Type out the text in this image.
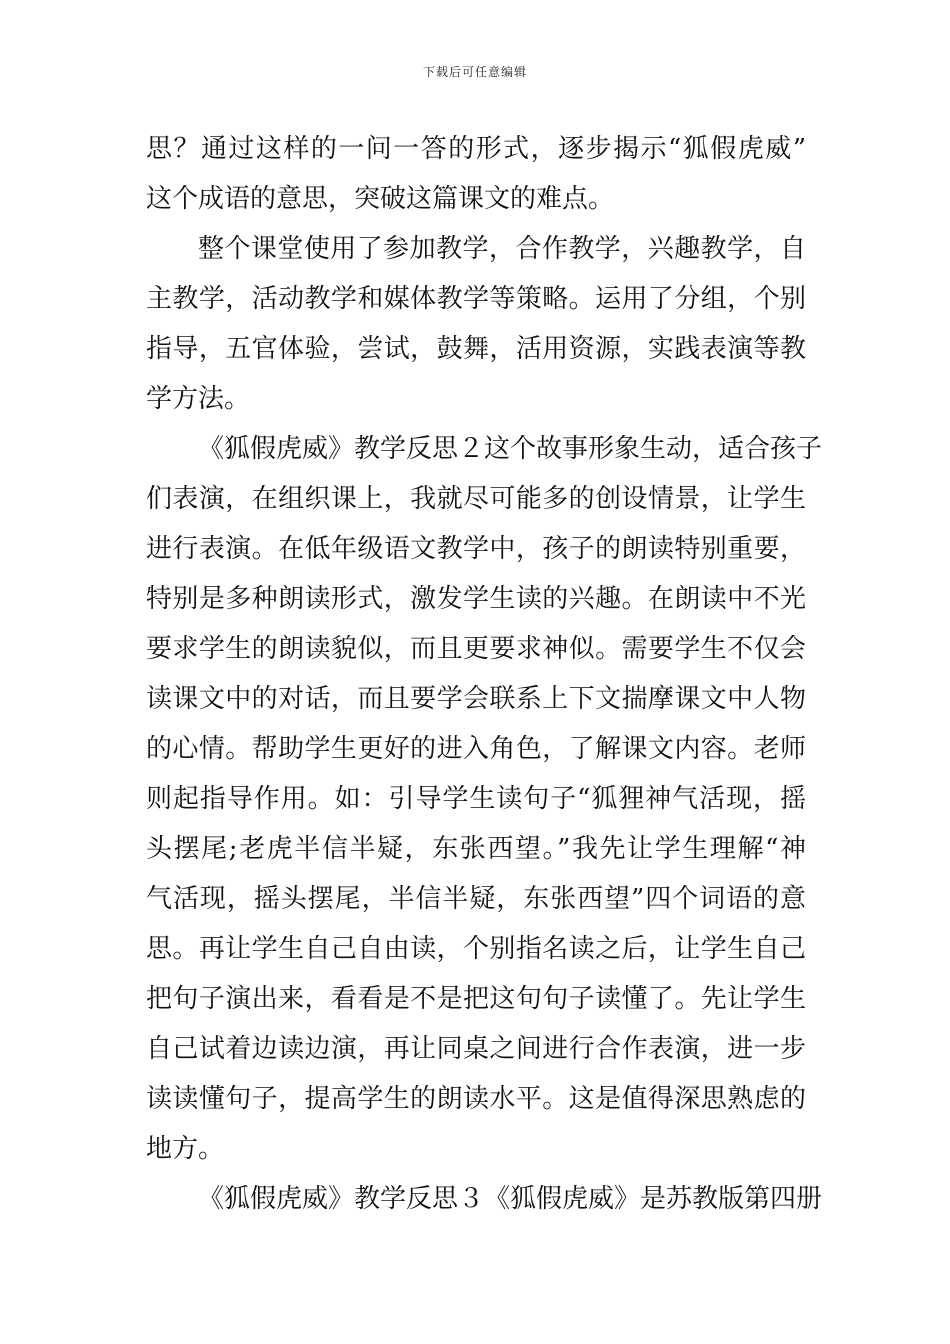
下载后可任意编辑
思？通过这样的一问一答的形式，逐步揭示“狐假虎威”
这个成语的意思，突破这篇课文的难点。
整个课堂使用了参加教学，合作教学，兴趣教学，自
主教学，活动教学和媒体教学等策略。运用了分组，个别
指导，五官体验，尝试，鼓舞，活用资源，实践表演等教
学方法。
《狐假虎威》教学反思２这个故事形象生动，适合孩子
们表演，在组织课上，我就尽可能多的创设情景，让学生
进行表演。在低年级语文教学中，孩子的朗读特别重要，
特别是多种朗读形式，激发学生读的兴趣。在朗读中不光
要求学生的朗读貌似，而且更要求神似。需要学生不仅会
读课文中的对话，而且要学会联系上下文揣摩课文中人物
的心情。帮助学生更好的进入角色，了解课文内容。老师
则起指导作用。如：引导学生读句子“狐狸神气活现，摇
头摆尾;老虎半信半疑，东张西望。”我先让学生理解“神
气活现，摇头摆尾，半信半疑，东张西望”四个词语的意
思。再让学生自己自由读，个别指名读之后，让学生自己
把句子演出来，看看是不是把这句句子读懂了。先让学生
自己试着边读边演，再让同桌之间进行合作表演，进一步
读读懂句子，提高学生的朗读水平。这是值得深思熟虑的
地方。
《狐假虎威》教学反思３《狐假虎威》是苏教版第四册
